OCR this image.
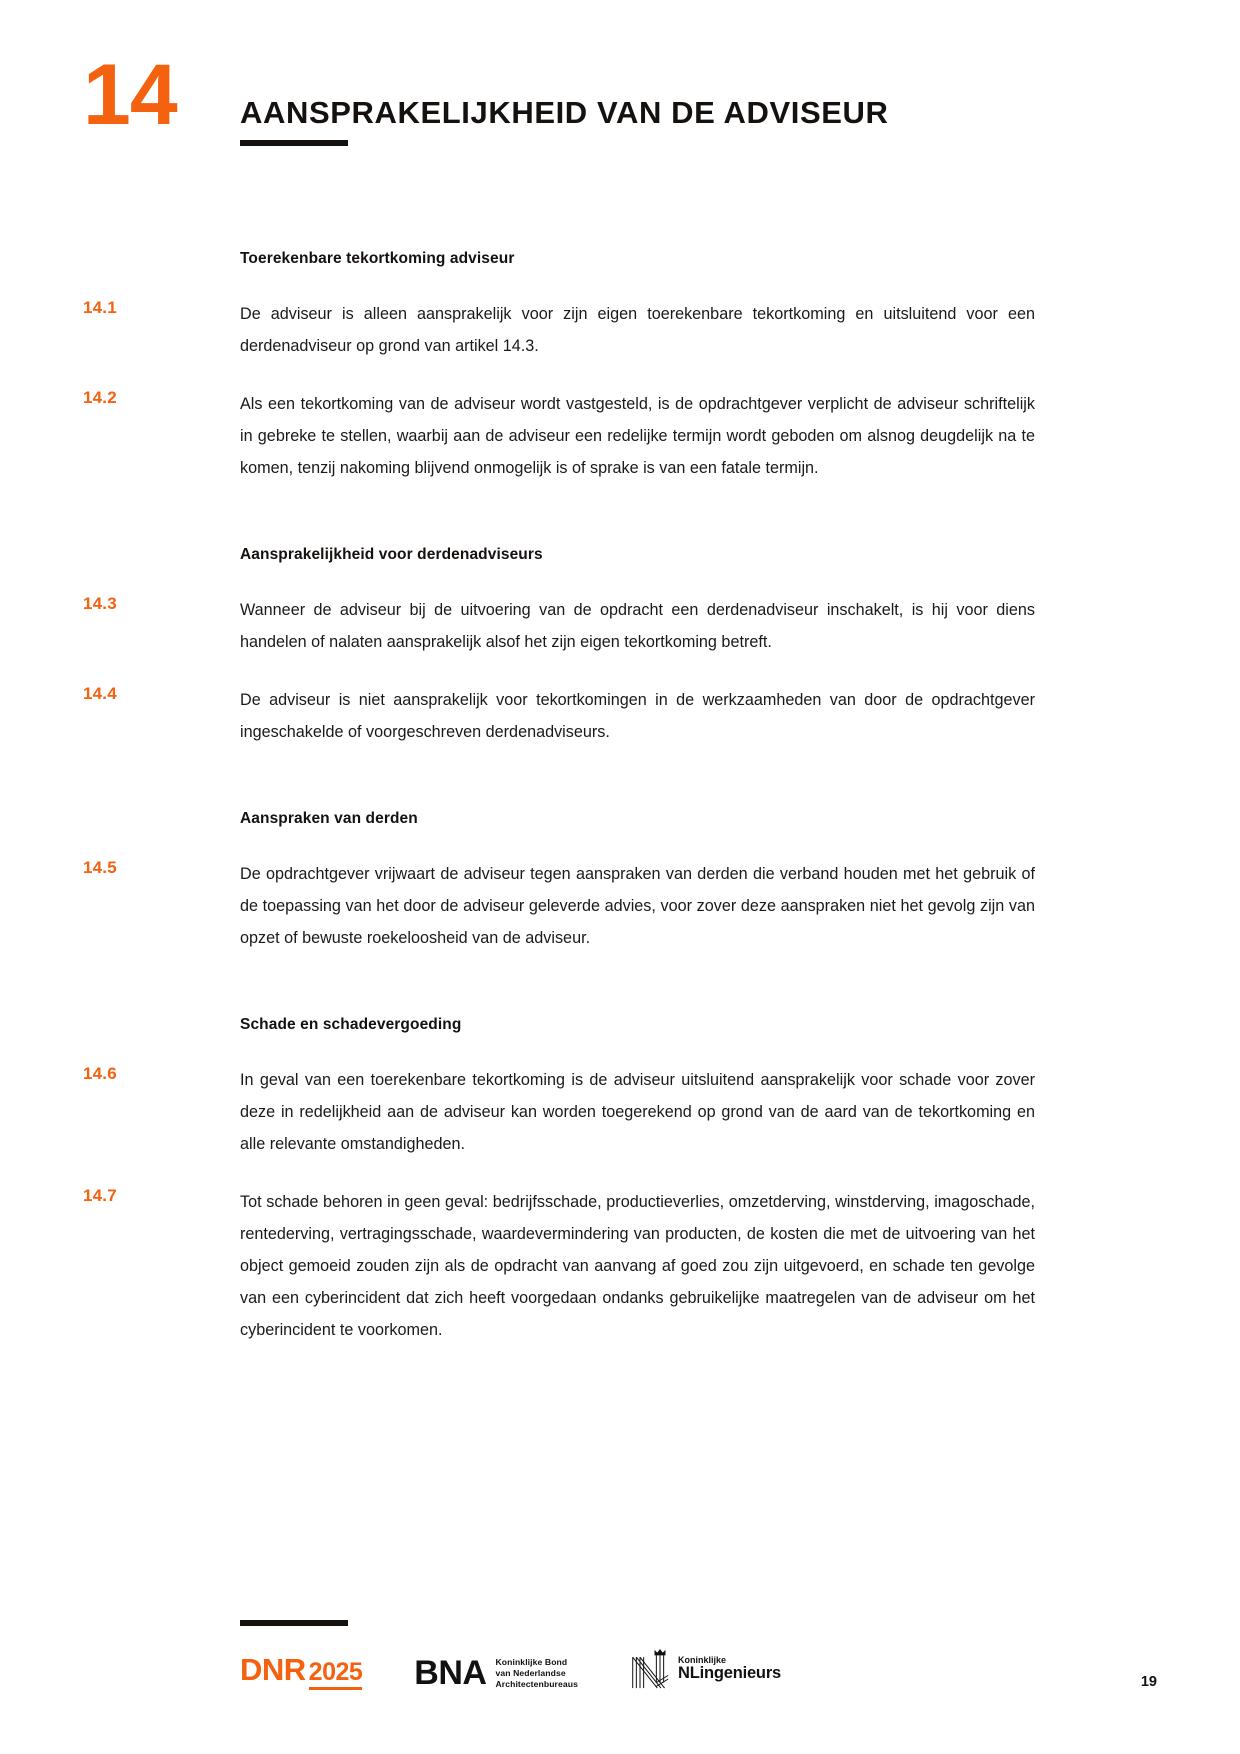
14 AANSPRAKELIJKHEID VAN DE ADVISEUR
Toerekenbare tekortkoming adviseur
14.1	De adviseur is alleen aansprakelijk voor zijn eigen toerekenbare tekortkoming en uitsluitend voor een derdenadviseur op grond van artikel 14.3.

14.2	Als een tekortkoming van de adviseur wordt vastgesteld, is de opdrachtgever verplicht de adviseur schriftelijk in gebreke te stellen, waarbij aan de adviseur een redelijke termijn wordt geboden om alsnog deugdelijk na te komen, tenzij nakoming blijvend onmogelijk is of sprake is van een fatale termijn.

Aansprakelijkheid voor derdenadviseurs
14.3	Wanneer de adviseur bij de uitvoering van de opdracht een derdenadviseur inschakelt, is hij voor diens handelen of nalaten aansprakelijk alsof het zijn eigen tekortkoming betreft.

14.4	De adviseur is niet aansprakelijk voor tekortkomingen in de werkzaamheden van door de opdrachtgever ingeschakelde of voorgeschreven derdenadviseurs.

Aanspraken van derden
14.5	De opdrachtgever vrijwaart de adviseur tegen aanspraken van derden die verband houden met het gebruik of de toepassing van het door de adviseur geleverde advies, voor zover deze aanspraken niet het gevolg zijn van opzet of bewuste roekeloosheid van de adviseur.

Schade en schadevergoeding
14.6	In geval van een toerekenbare tekortkoming is de adviseur uitsluitend aansprakelijk voor schade voor zover deze in redelijkheid aan de adviseur kan worden toegerekend op grond van de aard van de tekortkoming en alle relevante omstandigheden.

14.7	Tot schade behoren in geen geval: bedrijfsschade, productieverlies, omzetderving, winstderving, imagoschade, rentederving, vertragingsschade, waardevermindering van producten, de kosten die met de uitvoering van het object gemoeid zouden zijn als de opdracht van aanvang af goed zou zijn uitgevoerd, en schade ten gevolge van een cyberincident dat zich heeft voorgedaan ondanks gebruikelijke maatregelen van de adviseur om het cyberincident te voorkomen.

DNR 2025 BNA Koninklijke Bond
van Nederlandse
Architectenbureaus
Koninklijke
NLingenieurs	19
